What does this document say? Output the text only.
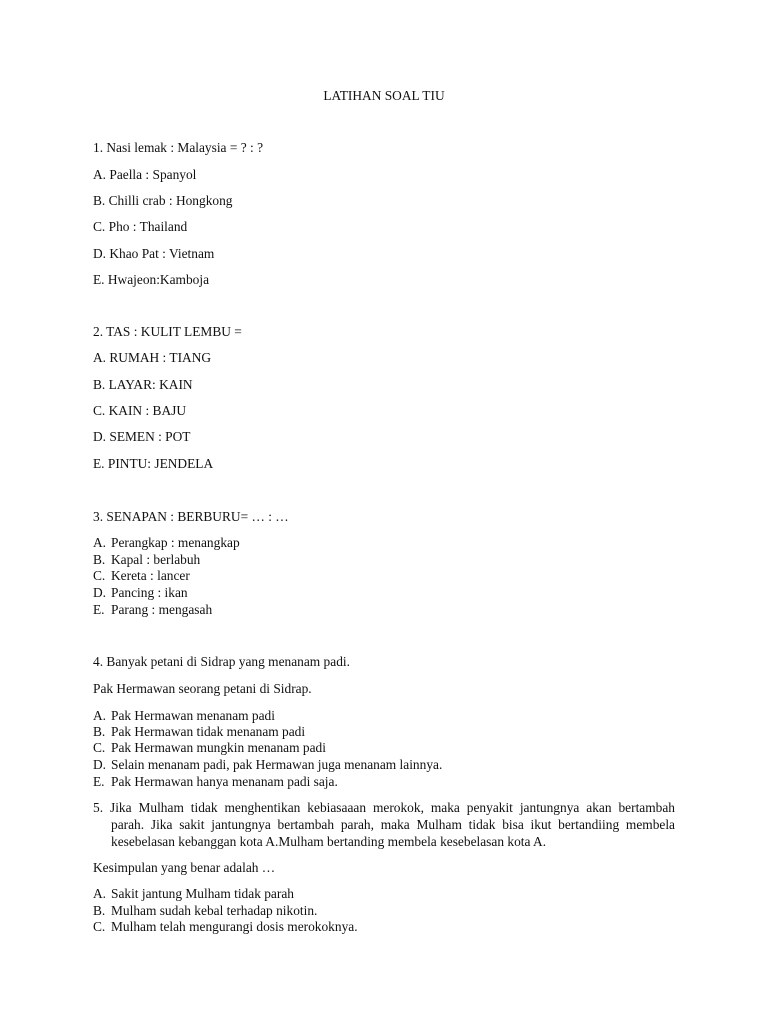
LATIHAN SOAL TIU
1. Nasi lemak : Malaysia = ? : ?
A. Paella : Spanyol
B. Chilli crab : Hongkong
C. Pho : Thailand
D. Khao Pat : Vietnam
E. Hwajeon:Kamboja
2. TAS : KULIT LEMBU =
A. RUMAH : TIANG
B. LAYAR: KAIN
C. KAIN : BAJU
D. SEMEN : POT
E. PINTU: JENDELA
3. SENAPAN : BERBURU= … : …
A. Perangkap : menangkap
B. Kapal : berlabuh
C. Kereta : lancer
D. Pancing : ikan
E. Parang : mengasah
4. Banyak petani di Sidrap yang menanam padi.
Pak Hermawan seorang petani di Sidrap.
A. Pak Hermawan menanam padi
B. Pak Hermawan tidak menanam padi
C. Pak Hermawan mungkin menanam padi
D. Selain menanam padi, pak Hermawan juga menanam lainnya.
E. Pak Hermawan hanya menanam padi saja.
5. Jika Mulham tidak menghentikan kebiasaaan merokok, maka penyakit jantungnya akan bertambah
parah. Jika sakit jantungnya bertambah parah, maka Mulham tidak bisa ikut bertandiing membela
kesebelasan kebanggan kota A.Mulham bertanding membela kesebelasan kota A.
Kesimpulan yang benar adalah …
A. Sakit jantung Mulham tidak parah
B. Mulham sudah kebal terhadap nikotin.
C. Mulham telah mengurangi dosis merokoknya.
